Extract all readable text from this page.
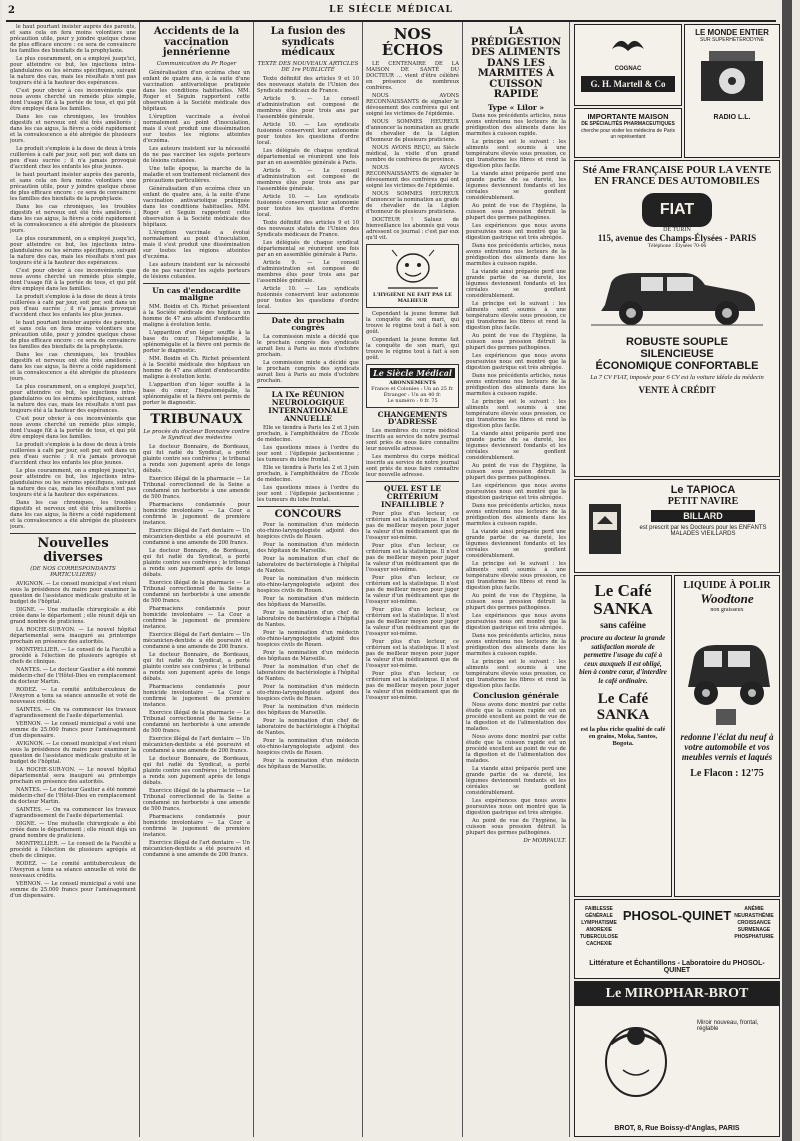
2	LE SIÈCLE MÉDICAL

le haut pourtant insister auprès des parents, et sans cela on fera moins volontiers une précaution utile, pour y joindre quelque chose de plus efficace encore : ce sera de convaincre les familles des bienfaits de la prophylaxie.

Le plus couramment, on a employé jusqu'ici, pour atteindre ce but, les injections intra-glandulaires ou les sérums spécifiques, suivant la nature des cas, mais les résultats n'ont pas toujours été à la hauteur des espérances.

C'est pour obvier à ces inconvénients que nous avons cherché un remède plus simple, dont l'usage fût à la portée de tous, et qui pût être employé dans les familles.

Dans les cas chroniques, les troubles digestifs et nerveux ont été très améliorés ; dans les cas aigus, la fièvre a cédé rapidement et la convalescence a été abrégée de plusieurs jours.

Le produit s'emploie à la dose de deux à trois cuillerées à café par jour, soit pur, soit dans un peu d'eau sucrée ; il n'a jamais provoqué d'accident chez les enfants les plus jeunes.

le haut pourtant insister auprès des parents, et sans cela on fera moins volontiers une précaution utile, pour y joindre quelque chose de plus efficace encore : ce sera de convaincre les familles des bienfaits de la prophylaxie.

Dans les cas chroniques, les troubles digestifs et nerveux ont été très améliorés ; dans les cas aigus, la fièvre a cédé rapidement et la convalescence a été abrégée de plusieurs jours.

Le plus couramment, on a employé jusqu'ici, pour atteindre ce but, les injections intra-glandulaires ou les sérums spécifiques, suivant la nature des cas, mais les résultats n'ont pas toujours été à la hauteur des espérances.

C'est pour obvier à ces inconvénients que nous avons cherché un remède plus simple, dont l'usage fût à la portée de tous, et qui pût être employé dans les familles.

Le produit s'emploie à la dose de deux à trois cuillerées à café par jour, soit pur, soit dans un peu d'eau sucrée ; il n'a jamais provoqué d'accident chez les enfants les plus jeunes.

le haut pourtant insister auprès des parents, et sans cela on fera moins volontiers une précaution utile, pour y joindre quelque chose de plus efficace encore : ce sera de convaincre les familles des bienfaits de la prophylaxie.

Dans les cas chroniques, les troubles digestifs et nerveux ont été très améliorés ; dans les cas aigus, la fièvre a cédé rapidement et la convalescence a été abrégée de plusieurs jours.

Le plus couramment, on a employé jusqu'ici, pour atteindre ce but, les injections intra-glandulaires ou les sérums spécifiques, suivant la nature des cas, mais les résultats n'ont pas toujours été à la hauteur des espérances.

C'est pour obvier à ces inconvénients que nous avons cherché un remède plus simple, dont l'usage fût à la portée de tous, et qui pût être employé dans les familles.

Le produit s'emploie à la dose de deux à trois cuillerées à café par jour, soit pur, soit dans un peu d'eau sucrée ; il n'a jamais provoqué d'accident chez les enfants les plus jeunes.

Le plus couramment, on a employé jusqu'ici, pour atteindre ce but, les injections intra-glandulaires ou les sérums spécifiques, suivant la nature des cas, mais les résultats n'ont pas toujours été à la hauteur des espérances.

Dans les cas chroniques, les troubles digestifs et nerveux ont été très améliorés ; dans les cas aigus, la fièvre a cédé rapidement et la convalescence a été abrégée de plusieurs jours.

Nouvelles diverses
(DE NOS CORRESPONDANTS PARTICULIERS)

AVIGNON. — Le conseil municipal s'est réuni sous la présidence du maire pour examiner la question de l'assistance médicale gratuite et le budget de l'hôpital.

DIGNE. — Une mutuelle chirurgicale a été créée dans le département ; elle réunit déjà un grand nombre de praticiens.

LA ROCHE-SUR-YON. — Le nouvel hôpital départemental sera inauguré au printemps prochain en présence des autorités.

MONTPELLIER. — Le conseil de la Faculté a procédé à l'élection de plusieurs agrégés et chefs de clinique.

NANTES. — Le docteur Gautier a été nommé médecin-chef de l'Hôtel-Dieu en remplacement du docteur Martin.

RODEZ. — Le comité antituberculeux de l'Aveyron a tenu sa séance annuelle et voté de nouveaux crédits.

SAINTES. — On va commencer les travaux d'agrandissement de l'asile départemental.

VERNON. — Le conseil municipal a voté une somme de 25.000 francs pour l'aménagement d'un dispensaire.

AVIGNON. — Le conseil municipal s'est réuni sous la présidence du maire pour examiner la question de l'assistance médicale gratuite et le budget de l'hôpital.

LA ROCHE-SUR-YON. — Le nouvel hôpital départemental sera inauguré au printemps prochain en présence des autorités.

NANTES. — Le docteur Gautier a été nommé médecin-chef de l'Hôtel-Dieu en remplacement du docteur Martin.

SAINTES. — On va commencer les travaux d'agrandissement de l'asile départemental.

DIGNE. — Une mutuelle chirurgicale a été créée dans le département ; elle réunit déjà un grand nombre de praticiens.

MONTPELLIER. — Le conseil de la Faculté a procédé à l'élection de plusieurs agrégés et chefs de clinique.

RODEZ. — Le comité antituberculeux de l'Aveyron a tenu sa séance annuelle et voté de nouveaux crédits.

VERNON. — Le conseil municipal a voté une somme de 25.000 francs pour l'aménagement d'un dispensaire.

Accidents de la vaccination jennérienne
Communication du Pr Roger

Généralisation d'un eczéma chez un enfant de quatre ans, à la suite d'une vaccination antivariolique pratiquée dans les conditions habituelles. MM. Roger et Seguin rapportent cette observation à la Société médicale des hôpitaux.

L'éruption vaccinale a évolué normalement au point d'inoculation, mais il s'est produit une dissémination sur toutes les régions atteintes d'eczéma.

Les auteurs insistent sur la nécessité de ne pas vacciner les sujets porteurs de lésions cutanées.

Une telle époque, la marche de la maladie et son traitement réclament des précautions particulières.

Généralisation d'un eczéma chez un enfant de quatre ans, à la suite d'une vaccination antivariolique pratiquée dans les conditions habituelles. MM. Roger et Seguin rapportent cette observation à la Société médicale des hôpitaux.

L'éruption vaccinale a évolué normalement au point d'inoculation, mais il s'est produit une dissémination sur toutes les régions atteintes d'eczéma.

Les auteurs insistent sur la nécessité de ne pas vacciner les sujets porteurs de lésions cutanées.

Un cas d'endocardite maligne

MM. Boidin et Ch. Richet présentent à la Société médicale des hôpitaux un homme de 47 ans atteint d'endocardite maligne à évolution lente.

L'apparition d'un léger souffle à la base du cœur, l'hépatomégalie, la splénomégalie et la fièvre ont permis de porter le diagnostic.

MM. Boidin et Ch. Richet présentent à la Société médicale des hôpitaux un homme de 47 ans atteint d'endocardite maligne à évolution lente.

L'apparition d'un léger souffle à la base du cœur, l'hépatomégalie, la splénomégalie et la fièvre ont permis de porter le diagnostic.

TRIBUNAUX
Le procès du docteur Bonnaire contre le Syndicat des médecins

Le docteur Bonnaire, de Bordeaux, qui fut radié du Syndicat, a porté plainte contre ses confrères ; le tribunal a rendu son jugement après de longs débats.

Exercice illégal de la pharmacie — Le Tribunal correctionnel de la Seine a condamné un herboriste à une amende de 500 francs.

Pharmaciens condamnés pour homicide involontaire — La Cour a confirmé le jugement de première instance.

Exercice illégal de l'art dentaire — Un mécanicien-dentiste a été poursuivi et condamné à une amende de 200 francs.

Le docteur Bonnaire, de Bordeaux, qui fut radié du Syndicat, a porté plainte contre ses confrères ; le tribunal a rendu son jugement après de longs débats.

Exercice illégal de la pharmacie — Le Tribunal correctionnel de la Seine a condamné un herboriste à une amende de 500 francs.

Pharmaciens condamnés pour homicide involontaire — La Cour a confirmé le jugement de première instance.

Exercice illégal de l'art dentaire — Un mécanicien-dentiste a été poursuivi et condamné à une amende de 200 francs.

Le docteur Bonnaire, de Bordeaux, qui fut radié du Syndicat, a porté plainte contre ses confrères ; le tribunal a rendu son jugement après de longs débats.

Pharmaciens condamnés pour homicide involontaire — La Cour a confirmé le jugement de première instance.

Exercice illégal de la pharmacie — Le Tribunal correctionnel de la Seine a condamné un herboriste à une amende de 500 francs.

Exercice illégal de l'art dentaire — Un mécanicien-dentiste a été poursuivi et condamné à une amende de 200 francs.

Le docteur Bonnaire, de Bordeaux, qui fut radié du Syndicat, a porté plainte contre ses confrères ; le tribunal a rendu son jugement après de longs débats.

Exercice illégal de la pharmacie — Le Tribunal correctionnel de la Seine a condamné un herboriste à une amende de 500 francs.

Pharmaciens condamnés pour homicide involontaire — La Cour a confirmé le jugement de première instance.

Exercice illégal de l'art dentaire — Un mécanicien-dentiste a été poursuivi et condamné à une amende de 200 francs.

La fusion des syndicats médicaux
TEXTE DES NOUVEAUX ARTICLES DE 1re PUBLICITÉ

Texte définitif des articles 9 et 10 des nouveaux statuts de l'Union des Syndicats médicaux de France.

Article 9. — Le conseil d'administration est composé de membres élus pour trois ans par l'assemblée générale.

Article 10. — Les syndicats fusionnés conservent leur autonomie pour toutes les questions d'ordre local.

Les délégués de chaque syndicat départemental se réuniront une fois par an en assemblée générale à Paris.

Article 9. — Le conseil d'administration est composé de membres élus pour trois ans par l'assemblée générale.

Article 10. — Les syndicats fusionnés conservent leur autonomie pour toutes les questions d'ordre local.

Texte définitif des articles 9 et 10 des nouveaux statuts de l'Union des Syndicats médicaux de France.

Les délégués de chaque syndicat départemental se réuniront une fois par an en assemblée générale à Paris.

Article 9. — Le conseil d'administration est composé de membres élus pour trois ans par l'assemblée générale.

Article 10. — Les syndicats fusionnés conservent leur autonomie pour toutes les questions d'ordre local.

Date du prochain congrès

La commission mixte a décidé que le prochain congrès des syndicats aurait lieu à Paris au mois d'octobre prochain.

La commission mixte a décidé que le prochain congrès des syndicats aurait lieu à Paris au mois d'octobre prochain.

LA IXe RÉUNION NEUROLOGIQUE INTERNATIONALE ANNUELLE

Elle se tiendra à Paris les 2 et 3 juin prochain, à l'amphithéâtre de l'École de médecine.

Les questions mises à l'ordre du jour sont : l'épilepsie jacksonienne ; les tumeurs du lobe frontal.

Elle se tiendra à Paris les 2 et 3 juin prochain, à l'amphithéâtre de l'École de médecine.

Les questions mises à l'ordre du jour sont : l'épilepsie jacksonienne ; les tumeurs du lobe frontal.

CONCOURS

Pour la nomination d'un médecin oto-rhino-laryngologiste adjoint des hospices civils de Rouen.

Pour la nomination d'un médecin des hôpitaux de Marseille.

Pour la nomination d'un chef de laboratoire de bactériologie à l'hôpital de Nantes.

Pour la nomination d'un médecin oto-rhino-laryngologiste adjoint des hospices civils de Rouen.

Pour la nomination d'un médecin des hôpitaux de Marseille.

Pour la nomination d'un chef de laboratoire de bactériologie à l'hôpital de Nantes.

Pour la nomination d'un médecin oto-rhino-laryngologiste adjoint des hospices civils de Rouen.

Pour la nomination d'un médecin des hôpitaux de Marseille.

Pour la nomination d'un chef de laboratoire de bactériologie à l'hôpital de Nantes.

Pour la nomination d'un médecin oto-rhino-laryngologiste adjoint des hospices civils de Rouen.

Pour la nomination d'un médecin des hôpitaux de Marseille.

Pour la nomination d'un chef de laboratoire de bactériologie à l'hôpital de Nantes.

Pour la nomination d'un médecin oto-rhino-laryngologiste adjoint des hospices civils de Rouen.

Pour la nomination d'un médecin des hôpitaux de Marseille.

NOS ÉCHOS

LE CENTENAIRE DE LA MAISON DE SANTÉ DU DOCTEUR ... vient d'être célébré en présence de nombreux confrères.

NOUS AVONS RECONNAISSANTS de signaler le dévouement des confrères qui ont soigné les victimes de l'épidémie.

NOUS SOMMES HEUREUX d'annoncer la nomination au grade de chevalier de la Légion d'honneur de plusieurs praticiens.

NOUS AVONS REÇU, au Siècle médical, la visite d'un grand nombre de confrères de province.

NOUS AVONS RECONNAISSANTS de signaler le dévouement des confrères qui ont soigné les victimes de l'épidémie.

NOUS SOMMES HEUREUX d'annoncer la nomination au grade de chevalier de la Légion d'honneur de plusieurs praticiens.

DOCTEUR ! Saluez de bienveillance les abonnés qui vous adressent ce journal : c'est par eux qu'il vit.

L'HYGIÈNE NE FAIT PAS LE MALHEUR

Cependant la jeune femme fait la conquête de son mari, qui trouve le régime tout à fait à son goût.

Cependant la jeune femme fait la conquête de son mari, qui trouve le régime tout à fait à son goût.

Le Siècle Médical
ABONNEMENTS
France et Colonies : Un an 25 fr.
Étranger : Un an 40 fr.
Le numéro : 0 fr. 75
CHANGEMENTS D'ADRESSE

Les membres du corps médical inscrits au service de notre journal sont priés de nous faire connaître leur nouvelle adresse.

Les membres du corps médical inscrits au service de notre journal sont priés de nous faire connaître leur nouvelle adresse.

QUEL EST LE CRITÉRIUM INFAILLIBLE ?

Pour plus d'un lecteur, ce critérium est la statistique. Il n'est pas de meilleur moyen pour juger la valeur d'un médicament que de l'essayer soi-même.

Pour plus d'un lecteur, ce critérium est la statistique. Il n'est pas de meilleur moyen pour juger la valeur d'un médicament que de l'essayer soi-même.

Pour plus d'un lecteur, ce critérium est la statistique. Il n'est pas de meilleur moyen pour juger la valeur d'un médicament que de l'essayer soi-même.

Pour plus d'un lecteur, ce critérium est la statistique. Il n'est pas de meilleur moyen pour juger la valeur d'un médicament que de l'essayer soi-même.

Pour plus d'un lecteur, ce critérium est la statistique. Il n'est pas de meilleur moyen pour juger la valeur d'un médicament que de l'essayer soi-même.

Pour plus d'un lecteur, ce critérium est la statistique. Il n'est pas de meilleur moyen pour juger la valeur d'un médicament que de l'essayer soi-même.

LA PRÉDIGESTION DES ALIMENTS DANS LES MARMITES À CUISSON RAPIDE
Type « Lilor »

Dans nos précédents articles, nous avons entretenu nos lecteurs de la prédigestion des aliments dans les marmites à cuisson rapide.

Le principe est le suivant : les aliments sont soumis à une température élevée sous pression, ce qui transforme les fibres et rend la digestion plus facile.

La viande ainsi préparée perd une grande partie de sa dureté, les légumes deviennent fondants et les céréales se gonflent considérablement.

Au point de vue de l'hygiène, la cuisson sous pression détruit la plupart des germes pathogènes.

Les expériences que nous avons poursuivies nous ont montré que la digestion gastrique est très abrégée.

Dans nos précédents articles, nous avons entretenu nos lecteurs de la prédigestion des aliments dans les marmites à cuisson rapide.

La viande ainsi préparée perd une grande partie de sa dureté, les légumes deviennent fondants et les céréales se gonflent considérablement.

Le principe est le suivant : les aliments sont soumis à une température élevée sous pression, ce qui transforme les fibres et rend la digestion plus facile.

Au point de vue de l'hygiène, la cuisson sous pression détruit la plupart des germes pathogènes.

Les expériences que nous avons poursuivies nous ont montré que la digestion gastrique est très abrégée.

Dans nos précédents articles, nous avons entretenu nos lecteurs de la prédigestion des aliments dans les marmites à cuisson rapide.

Le principe est le suivant : les aliments sont soumis à une température élevée sous pression, ce qui transforme les fibres et rend la digestion plus facile.

La viande ainsi préparée perd une grande partie de sa dureté, les légumes deviennent fondants et les céréales se gonflent considérablement.

Au point de vue de l'hygiène, la cuisson sous pression détruit la plupart des germes pathogènes.

Les expériences que nous avons poursuivies nous ont montré que la digestion gastrique est très abrégée.

Dans nos précédents articles, nous avons entretenu nos lecteurs de la prédigestion des aliments dans les marmites à cuisson rapide.

La viande ainsi préparée perd une grande partie de sa dureté, les légumes deviennent fondants et les céréales se gonflent considérablement.

Le principe est le suivant : les aliments sont soumis à une température élevée sous pression, ce qui transforme les fibres et rend la digestion plus facile.

Au point de vue de l'hygiène, la cuisson sous pression détruit la plupart des germes pathogènes.

Les expériences que nous avons poursuivies nous ont montré que la digestion gastrique est très abrégée.

Dans nos précédents articles, nous avons entretenu nos lecteurs de la prédigestion des aliments dans les marmites à cuisson rapide.

Le principe est le suivant : les aliments sont soumis à une température élevée sous pression, ce qui transforme les fibres et rend la digestion plus facile.

Conclusion générale

Nous avons donc montré par cette étude que la cuisson rapide est un procédé excellent au point de vue de la digestion et de l'alimentation des malades.

Nous avons donc montré par cette étude que la cuisson rapide est un procédé excellent au point de vue de la digestion et de l'alimentation des malades.

La viande ainsi préparée perd une grande partie de sa dureté, les légumes deviennent fondants et les céréales se gonflent considérablement.

Les expériences que nous avons poursuivies nous ont montré que la digestion gastrique est très abrégée.

Au point de vue de l'hygiène, la cuisson sous pression détruit la plupart des germes pathogènes.

Dr MORPAULT.
COGNAC
G. H. Martell & Co
LE MONDE ENTIER
SUR SUPERHÉTÉRODYNE
RADIO L.L.
IMPORTANTE MAISON
DE SPÉCIALITÉS PHARMACEUTIQUES
cherche pour visiter les médecins de Paris un représentant
Sté Ame FRANÇAISE POUR LA VENTE EN FRANCE DES AUTOMOBILES
FIAT
DE TURIN
115, avenue des Champs-Élysées - PARIS
Téléphone : Élysées 70-06
ROBUSTE SOUPLE
SILENCIEUSE
ÉCONOMIQUE CONFORTABLE
La 7 CV FIAT, imposée pour 6 CV est la voiture idéale du médecin
VENTE À CRÉDIT
Le TAPIOCA
PETIT NAVIRE
BILLARD
est prescrit par les Docteurs pour les ENFANTS MALADES VIEILLARDS
Le Café SANKA
sans caféine
procure au docteur la grande satisfaction morale de permettre l'usage du café à ceux auxquels il est obligé, bien à contre cœur, d'interdire le café ordinaire.
Le Café SANKA
est la plus riche qualité de café en grains, Moka, Santos, Bogota.
LIQUIDE À POLIR
Woodtone
non graisseux
redonne l'éclat du neuf à votre automobile et vos meubles vernis et laqués
Le Flacon : 12'75
FAIBLESSE GÉNÉRALE LYMPHATISME ANOREXIE TUBERCULOSE CACHEXIE
PHOSOL-QUINET	ANÉMIE NEURASTHÉNIE CROISSANCE SURMENAGE PHOSPHATURIE
Littérature et Échantillons - Laboratoire du PHOSOL-QUINET
Le MIROPHAR-BROT
Miroir nouveau, frontal, réglable
BROT, 8, Rue Boissy-d'Anglas, PARIS
